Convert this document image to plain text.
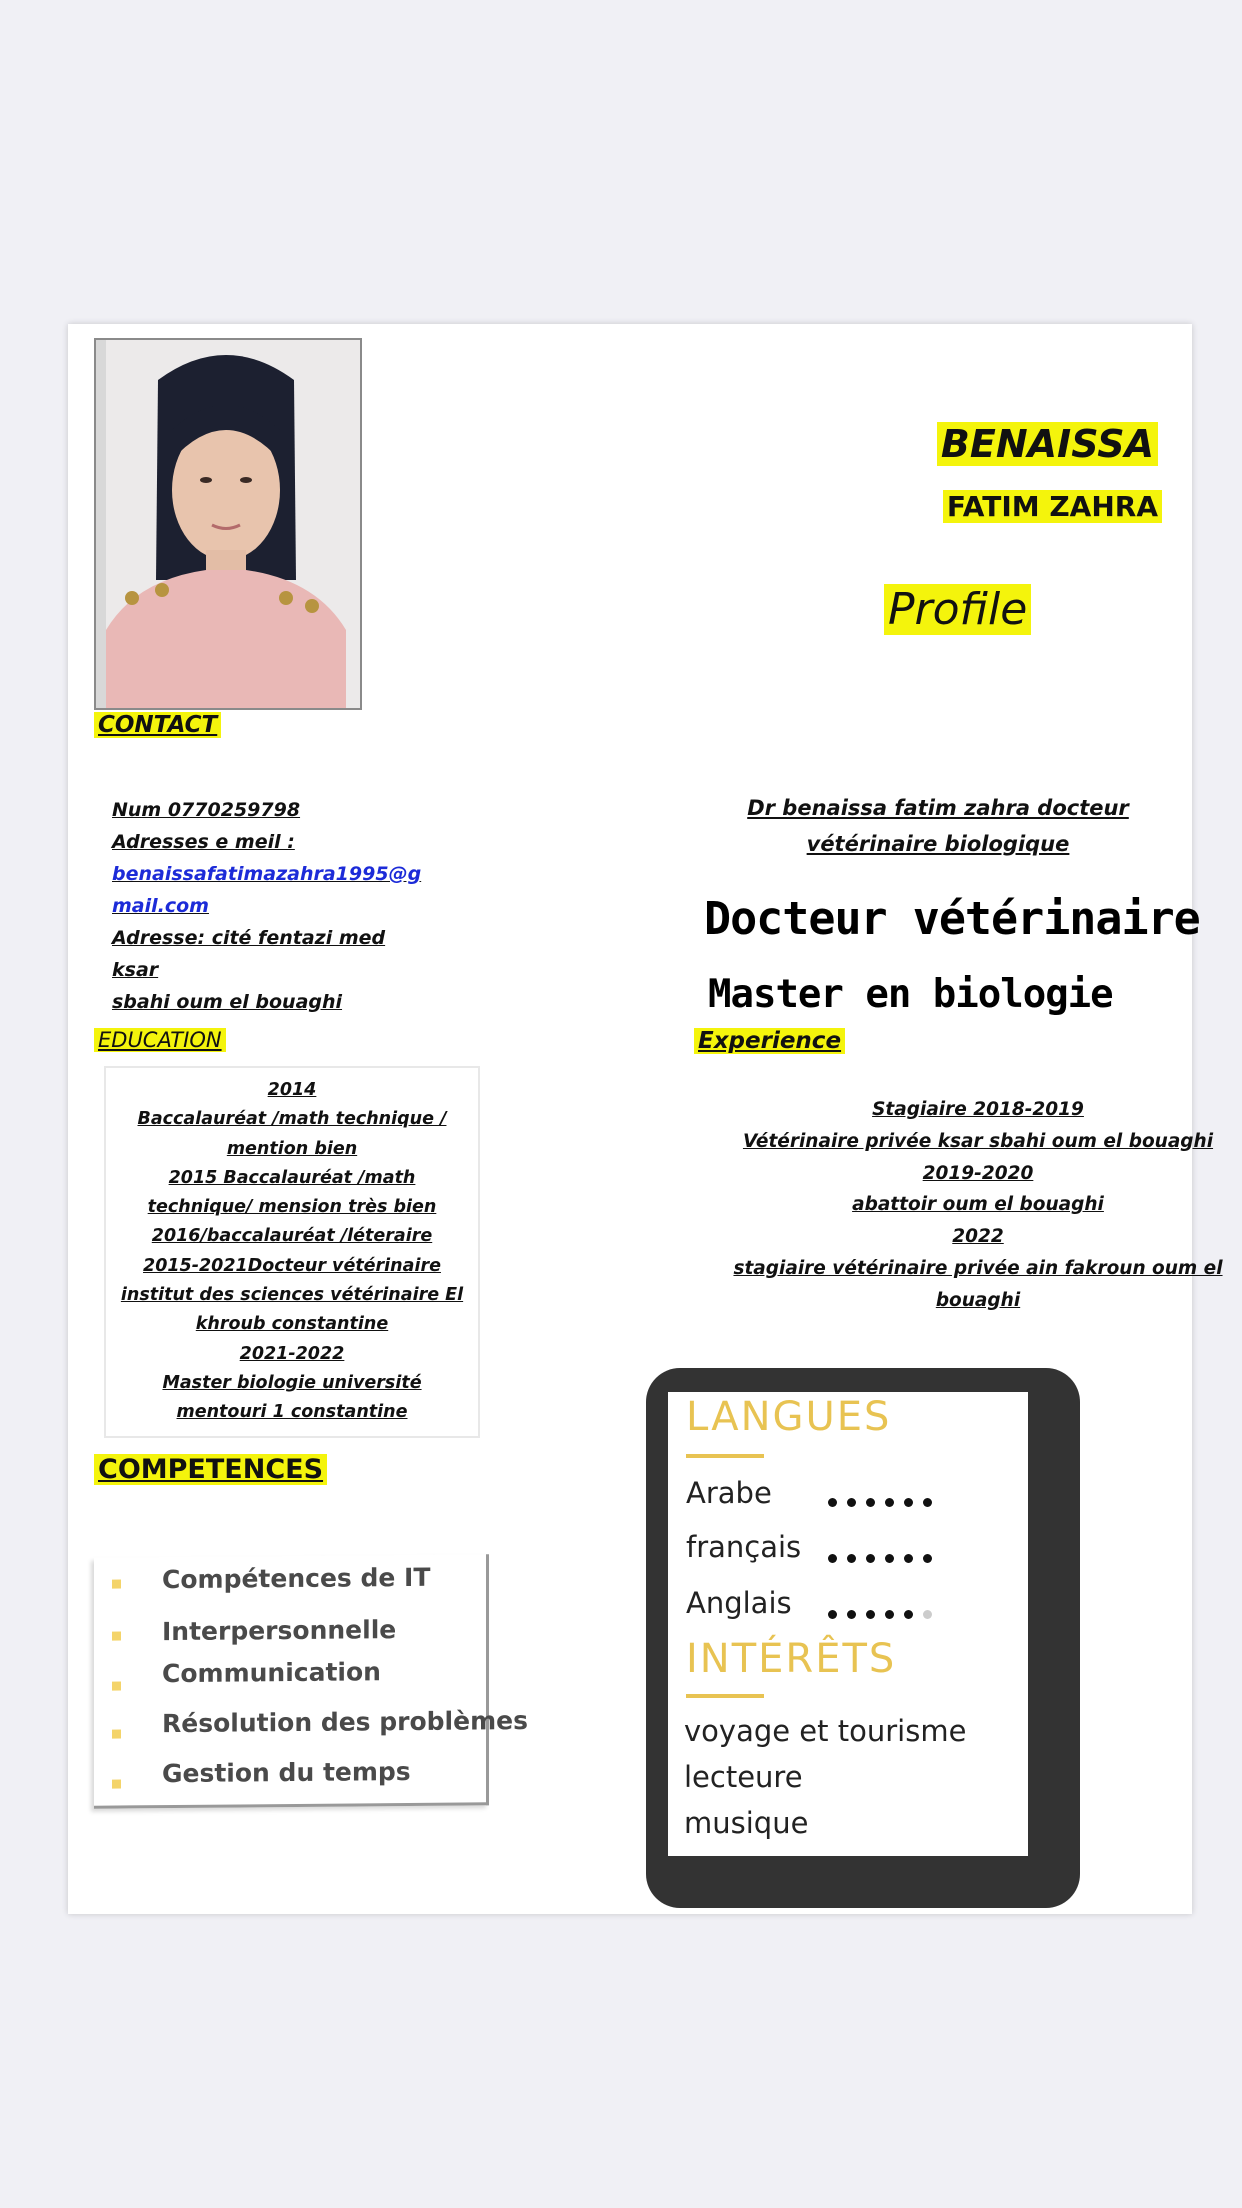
BENAISSA
FATIM ZAHRA
Profile
CONTACT
Num 0770259798
Adresses e meil :
benaissafatimazahra1995@g
mail.com
Adresse: cité fentazi med ksar
sbahi oum el bouaghi
EDUCATION
2014
Baccalauréat /math technique /
mention bien
2015 Baccalauréat /math
technique/ mension très bien
2016/baccalauréat /léteraire
2015-2021Docteur vétérinaire
institut des sciences vétérinaire El
khroub constantine
2021-2022
Master biologie université
mentouri 1 constantine
COMPETENCES
Compétences de IT
Interpersonnelle
Communication
Résolution des problèmes
Gestion du temps
Dr benaissa fatim zahra docteur
vétérinaire biologique
Docteur vétérinaire
Master en biologie
Experience
Stagiaire 2018-2019
Vétérinaire privée ksar sbahi oum el bouaghi
2019-2020
abattoir oum el bouaghi
2022
stagiaire vétérinaire privée ain fakroun oum el
bouaghi
LANGUES
Arabe
français
Anglais
INTÉRÊTS
voyage et tourisme
lecteure
musique
